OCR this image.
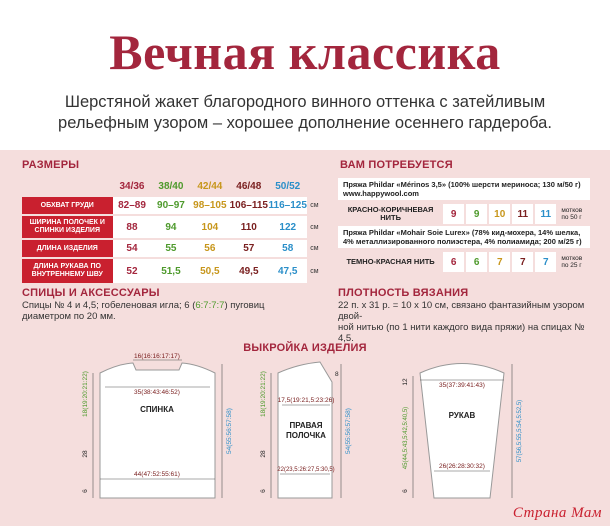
Вечная классика
Шерстяной жакет благородного винного оттенка с затейливым
рельефным узором – хорошее дополнение осеннего гардероба.
РАЗМЕРЫ
	34/36	38/40	42/44	46/48	50/52	
ОБХВАТ ГРУДИ	82–89	90–97	98–105	106–115	116–125	см
ШИРИНА ПОЛОЧЕК И СПИНКИ ИЗДЕЛИЯ	88	94	104	110	122	см
ДЛИНА ИЗДЕЛИЯ	54	55	56	57	58	см
ДЛИНА РУКАВА ПО ВНУТРЕННЕМУ ШВУ	52	51,5	50,5	49,5	47,5	см
ВАМ ПОТРЕБУЕТСЯ
Пряжа Phildar «Mérinos 3,5» (100% шерсти мериноса; 130 м/50 г)
www.happywool.com
КРАСНО-КОРИЧНЕВАЯ НИТЬ	9	9	10	11	11	мотков по 50 г
Пряжа Phildar «Mohair Soie Lurex» (78% кид-мохера, 14% шелка, 4% металлизированного полиэстера, 4% полиамида; 200 м/25 г)
ТЕМНО-КРАСНАЯ НИТЬ	6	6	7	7	7	мотков по 25 г
СПИЦЫ И АКСЕССУАРЫ
Спицы № 4 и 4,5; гобеленовая игла; 6 (6:7:7:7) пуговиц
диаметром по 20 мм.
ПЛОТНОСТЬ ВЯЗАНИЯ
22 п. х 31 р. = 10 х 10 см, связано фантазийным узором двой-
ной нитью (по 1 нити каждого вида пряжи) на спицах № 4,5.
ВЫКРОЙКА ИЗДЕЛИЯ
16(16:16:17:17)
35(38:43:46:52)
СПИНКА
44(47:52:55:61)
54(55:56:57:58)
18(19:20:21:22)
28
6
8
17,5(19:21,5:23:26)
ПРАВАЯ
ПОЛОЧКА
22(23,5:26:27,5:30,5)
54(55:56:57:58)
18(19:20:21:22)
28
6
35(37:39:41:43)
РУКАВ
26(26:28:30:32)
57(56,5:55,5:54,5:52,5)
45(44,5:43,5:42,5:40,5)
12
6
Страна Мам
